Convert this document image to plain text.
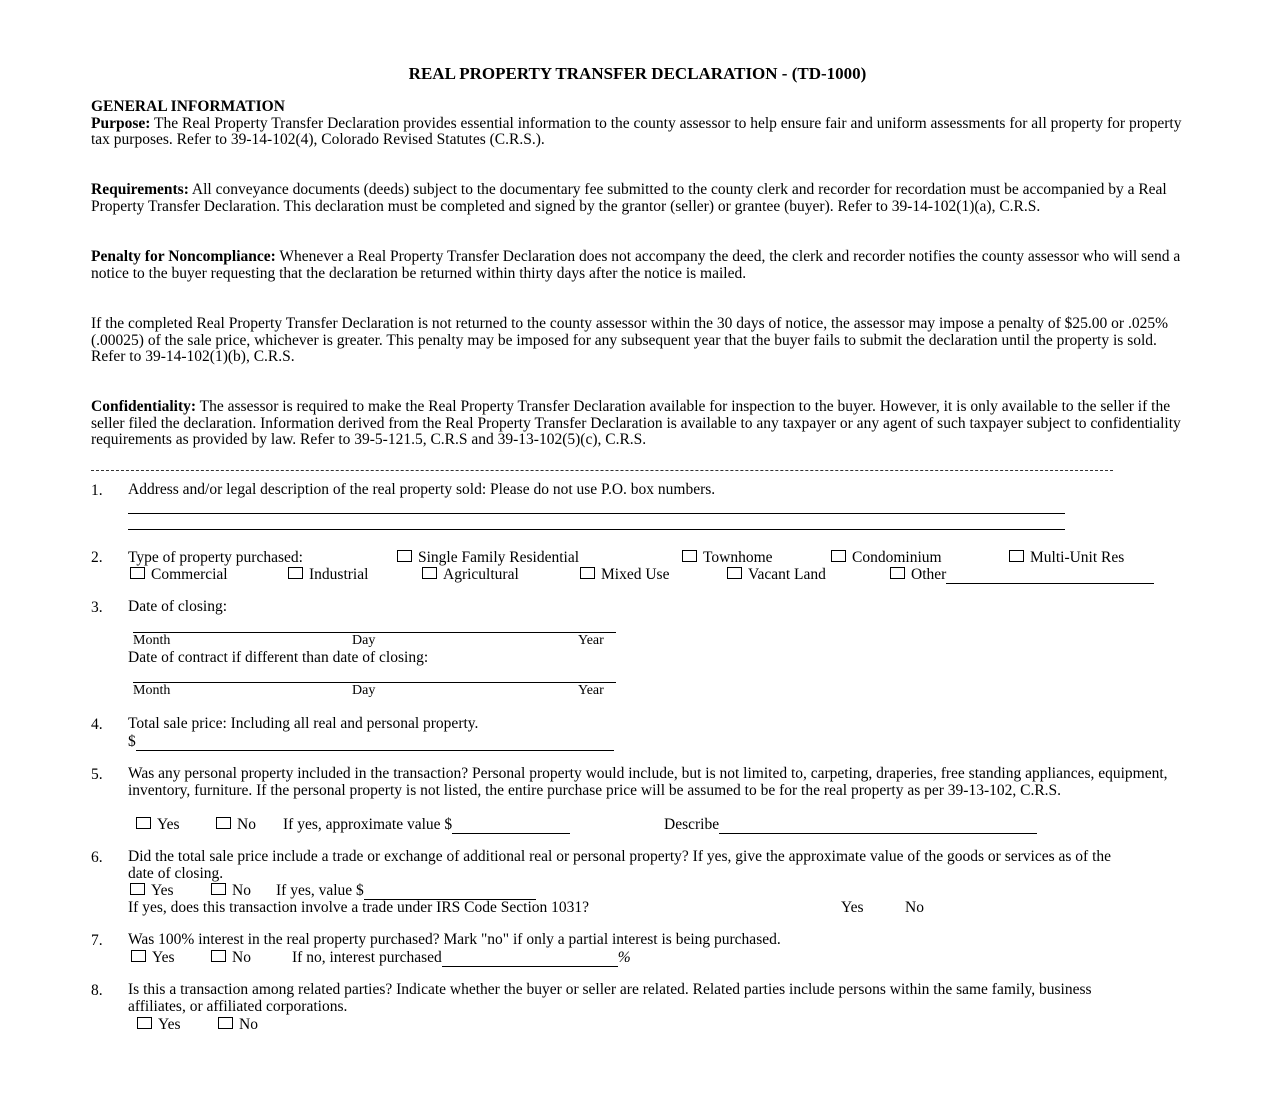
REAL PROPERTY TRANSFER DECLARATION - (TD-1000)
GENERAL INFORMATION
Purpose: The Real Property Transfer Declaration provides essential information to the county assessor to help ensure fair and uniform assessments for all property for property tax purposes. Refer to 39-14-102(4), Colorado Revised Statutes (C.R.S.).
Requirements: All conveyance documents (deeds) subject to the documentary fee submitted to the county clerk and recorder for recordation must be accompanied by a Real Property Transfer Declaration. This declaration must be completed and signed by the grantor (seller) or grantee (buyer). Refer to 39-14-102(1)(a), C.R.S.
Penalty for Noncompliance: Whenever a Real Property Transfer Declaration does not accompany the deed, the clerk and recorder notifies the county assessor who will send a notice to the buyer requesting that the declaration be returned within thirty days after the notice is mailed.
If the completed Real Property Transfer Declaration is not returned to the county assessor within the 30 days of notice, the assessor may impose a penalty of $25.00 or .025% (.00025) of the sale price, whichever is greater. This penalty may be imposed for any subsequent year that the buyer fails to submit the declaration until the property is sold. Refer to 39-14-102(1)(b), C.R.S.
Confidentiality: The assessor is required to make the Real Property Transfer Declaration available for inspection to the buyer. However, it is only available to the seller if the seller filed the declaration. Information derived from the Real Property Transfer Declaration is available to any taxpayer or any agent of such taxpayer subject to confidentiality requirements as provided by law. Refer to 39-5-121.5, C.R.S and 39-13-102(5)(c), C.R.S.
1. Address and/or legal description of the real property sold: Please do not use P.O. box numbers.
2. Type of property purchased:	Single Family Residential	Townhome	Condominium	Multi-Unit Res
Commercial	Industrial	Agricultural	Mixed Use	Vacant Land	Other
3. Date of closing:
Month	Day	Year
Date of contract if different than date of closing:
Month	Day	Year
4. Total sale price: Including all real and personal property.
$
5. Was any personal property included in the transaction? Personal property would include, but is not limited to, carpeting, draperies, free standing appliances, equipment, inventory, furniture. If the personal property is not listed, the entire purchase price will be assumed to be for the real property as per 39-13-102, C.R.S.
Yes	No If yes, approximate value $	Describe
6. Did the total sale price include a trade or exchange of additional real or personal property? If yes, give the approximate value of the goods or services as of the date of closing.
Yes	No If yes, value $
If yes, does this transaction involve a trade under IRS Code Section 1031?	Yes	No
7. Was 100% interest in the real property purchased? Mark "no" if only a partial interest is being purchased.
Yes	No	If no, interest purchased	%
8. Is this a transaction among related parties? Indicate whether the buyer or seller are related. Related parties include persons within the same family, business affiliates, or affiliated corporations.
Yes	No
